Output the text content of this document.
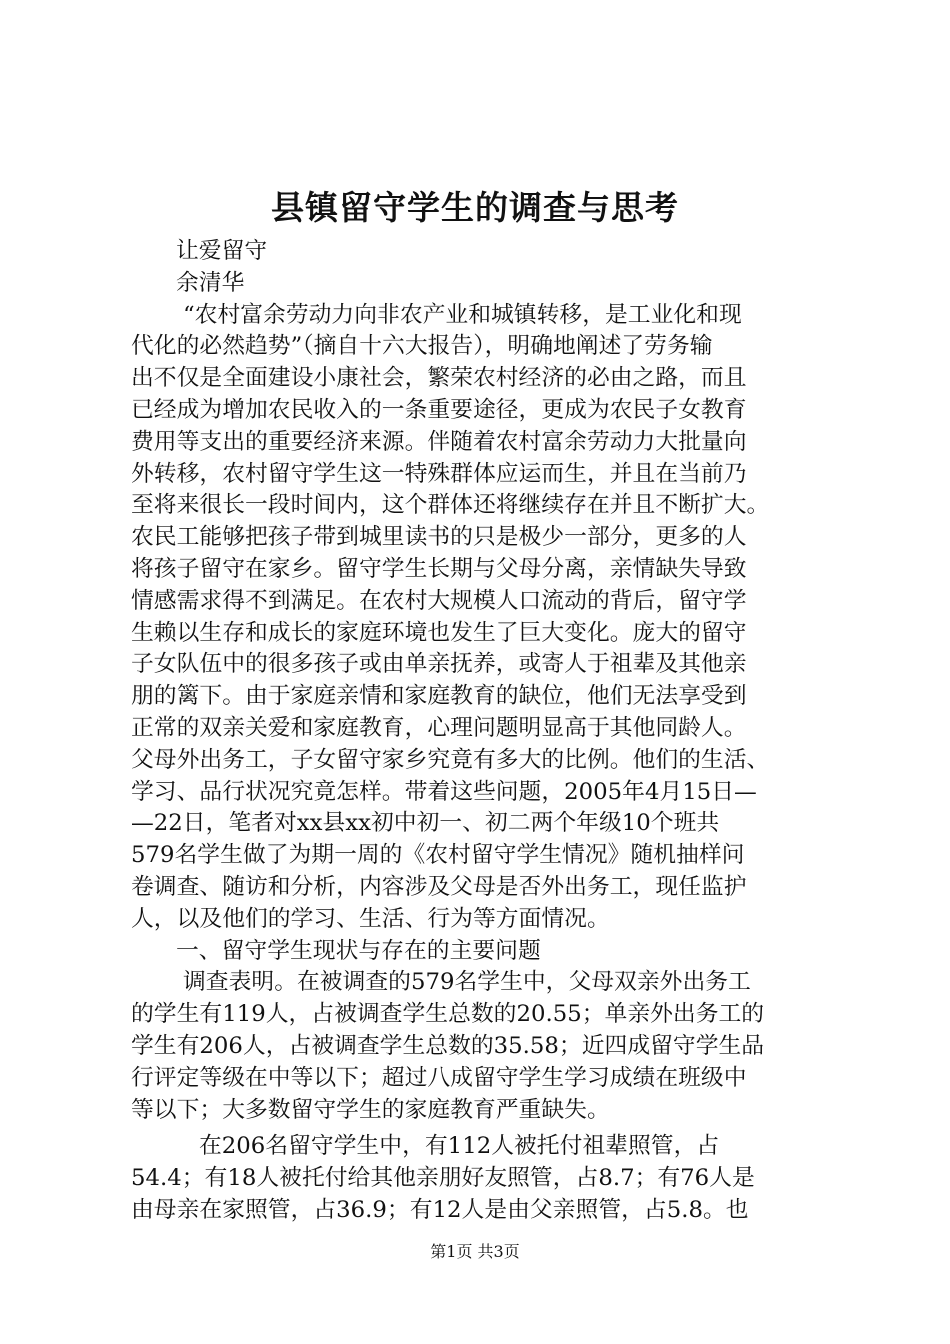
县镇留守学生的调查与思考
让爱留守
余清华
“农村富余劳动力向非农产业和城镇转移，是工业化和现
代化的必然趋势”（摘自十六大报告），明确地阐述了劳务输
出不仅是全面建设小康社会，繁荣农村经济的必由之路，而且
已经成为增加农民收入的一条重要途径，更成为农民子女教育
费用等支出的重要经济来源。伴随着农村富余劳动力大批量向
外转移，农村留守学生这一特殊群体应运而生，并且在当前乃
至将来很长一段时间内，这个群体还将继续存在并且不断扩大。
农民工能够把孩子带到城里读书的只是极少一部分，更多的人
将孩子留守在家乡。留守学生长期与父母分离，亲情缺失导致
情感需求得不到满足。在农村大规模人口流动的背后，留守学
生赖以生存和成长的家庭环境也发生了巨大变化。庞大的留守
子女队伍中的很多孩子或由单亲抚养，或寄人于祖辈及其他亲
朋的篱下。由于家庭亲情和家庭教育的缺位，他们无法享受到
正常的双亲关爱和家庭教育，心理问题明显高于其他同龄人。
父母外出务工，子女留守家乡究竟有多大的比例。他们的生活、
学习、品行状况究竟怎样。带着这些问题，2005年4月15日—
—22日，笔者对xx县xx初中初一、初二两个年级10个班共
579名学生做了为期一周的《农村留守学生情况》随机抽样问
卷调查、随访和分析，内容涉及父母是否外出务工，现任监护
人，以及他们的学习、生活、行为等方面情况。
一、留守学生现状与存在的主要问题
调查表明。在被调查的579名学生中，父母双亲外出务工
的学生有119人，占被调查学生总数的20.55；单亲外出务工的
学生有206人，占被调查学生总数的35.58；近四成留守学生品
行评定等级在中等以下；超过八成留守学生学习成绩在班级中
等以下；大多数留守学生的家庭教育严重缺失。
在206名留守学生中，有112人被托付祖辈照管，占
54.4；有18人被托付给其他亲朋好友照管，占8.7；有76人是
由母亲在家照管，占36.9；有12人是由父亲照管，占5.8。也
第1页 共3页
